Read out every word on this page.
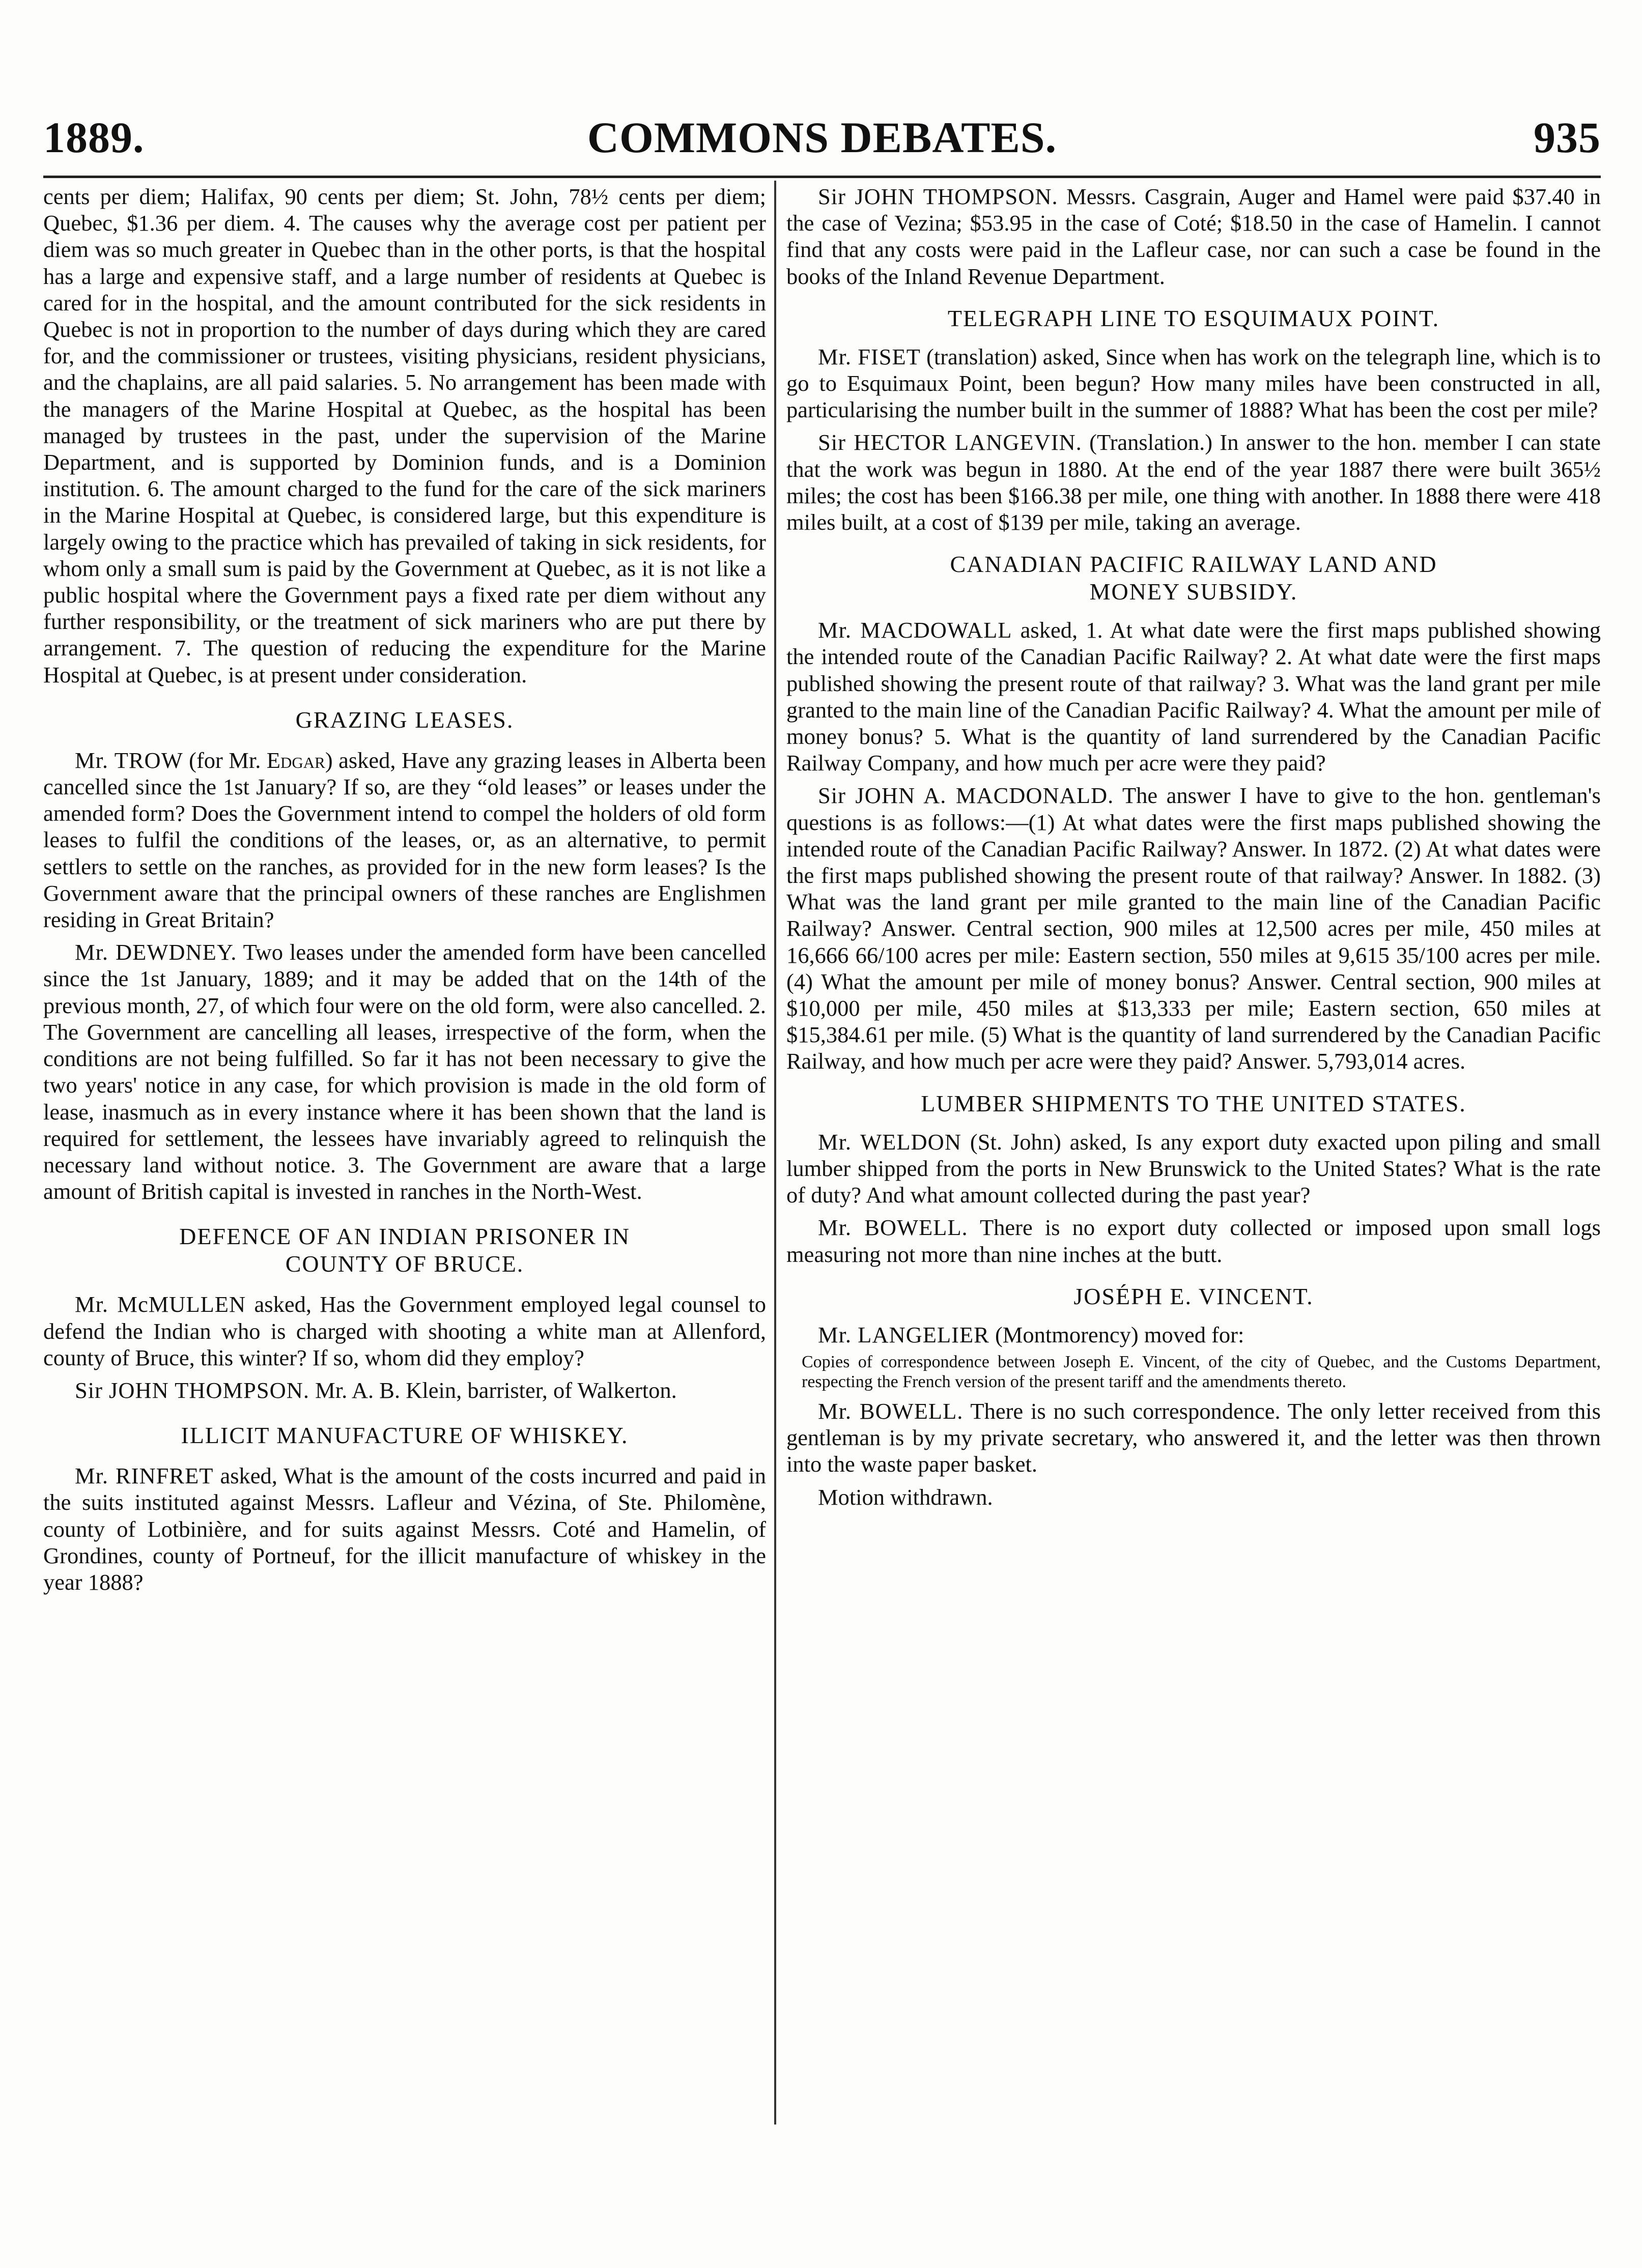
COMMONS DEBATES.
1889.	935

cents per diem; Halifax, 90 cents per diem; St. John, 78½ cents per diem; Quebec, $1.36 per diem. 4. The causes why the average cost per patient per diem was so much greater in Quebec than in the other ports, is that the hospital has a large and expensive staff, and a large number of residents at Quebec is cared for in the hospital, and the amount contributed for the sick residents in Quebec is not in proportion to the number of days during which they are cared for, and the commissioner or trustees, visiting physicians, resident physicians, and the chaplains, are all paid salaries. 5. No arrangement has been made with the managers of the Marine Hospital at Quebec, as the hospital has been managed by trustees in the past, under the supervision of the Marine Department, and is supported by Dominion funds, and is a Dominion institution. 6. The amount charged to the fund for the care of the sick mariners in the Marine Hospital at Quebec, is considered large, but this expenditure is largely owing to the practice which has prevailed of taking in sick residents, for whom only a small sum is paid by the Government at Quebec, as it is not like a public hospital where the Government pays a fixed rate per diem without any further responsibility, or the treatment of sick mariners who are put there by arrangement. 7. The question of reducing the expenditure for the Marine Hospital at Quebec, is at present under consideration.

GRAZING LEASES.

Mr. TROW (for Mr. Edgar) asked, Have any grazing leases in Alberta been cancelled since the 1st January? If so, are they “old leases” or leases under the amended form? Does the Government intend to compel the holders of old form leases to fulfil the conditions of the leases, or, as an alternative, to permit settlers to settle on the ranches, as provided for in the new form leases? Is the Government aware that the principal owners of these ranches are Englishmen residing in Great Britain?

Mr. DEWDNEY. Two leases under the amended form have been cancelled since the 1st January, 1889; and it may be added that on the 14th of the previous month, 27, of which four were on the old form, were also cancelled. 2. The Government are cancelling all leases, irrespective of the form, when the conditions are not being fulfilled. So far it has not been necessary to give the two years' notice in any case, for which provision is made in the old form of lease, inasmuch as in every instance where it has been shown that the land is required for settlement, the lessees have invariably agreed to relinquish the necessary land without notice. 3. The Government are aware that a large amount of British capital is invested in ranches in the North-West.

DEFENCE OF AN INDIAN PRISONER IN
COUNTY OF BRUCE.

Mr. McMULLEN asked, Has the Government employed legal counsel to defend the Indian who is charged with shooting a white man at Allenford, county of Bruce, this winter? If so, whom did they employ?

Sir JOHN THOMPSON. Mr. A. B. Klein, barrister, of Walkerton.

ILLICIT MANUFACTURE OF WHISKEY.

Mr. RINFRET asked, What is the amount of the costs incurred and paid in the suits instituted against Messrs. Lafleur and Vézina, of Ste. Philomène, county of Lotbinière, and for suits against Messrs. Coté and Hamelin, of Grondines, county of Portneuf, for the illicit manufacture of whiskey in the year 1888?

Sir JOHN THOMPSON. Messrs. Casgrain, Auger and Hamel were paid $37.40 in the case of Vezina; $53.95 in the case of Coté; $18.50 in the case of Hamelin. I cannot find that any costs were paid in the Lafleur case, nor can such a case be found in the books of the Inland Revenue Department.

TELEGRAPH LINE TO ESQUIMAUX POINT.

Mr. FISET (translation) asked, Since when has work on the telegraph line, which is to go to Esquimaux Point, been begun? How many miles have been constructed in all, particularising the number built in the summer of 1888? What has been the cost per mile?

Sir HECTOR LANGEVIN. (Translation.) In answer to the hon. member I can state that the work was begun in 1880. At the end of the year 1887 there were built 365½ miles; the cost has been $166.38 per mile, one thing with another. In 1888 there were 418 miles built, at a cost of $139 per mile, taking an average.

CANADIAN PACIFIC RAILWAY LAND AND
MONEY SUBSIDY.

Mr. MACDOWALL asked, 1. At what date were the first maps published showing the intended route of the Canadian Pacific Railway? 2. At what date were the first maps published showing the present route of that railway? 3. What was the land grant per mile granted to the main line of the Canadian Pacific Railway? 4. What the amount per mile of money bonus? 5. What is the quantity of land surrendered by the Canadian Pacific Railway Company, and how much per acre were they paid?

Sir JOHN A. MACDONALD. The answer I have to give to the hon. gentleman's questions is as follows:—(1) At what dates were the first maps published showing the intended route of the Canadian Pacific Railway? Answer. In 1872. (2) At what dates were the first maps published showing the present route of that railway? Answer. In 1882. (3) What was the land grant per mile granted to the main line of the Canadian Pacific Railway? Answer. Central section, 900 miles at 12,500 acres per mile, 450 miles at 16,666 66/100 acres per mile: Eastern section, 550 miles at 9,615 35/100 acres per mile. (4) What the amount per mile of money bonus? Answer. Central section, 900 miles at $10,000 per mile, 450 miles at $13,333 per mile; Eastern section, 650 miles at $15,384.61 per mile. (5) What is the quantity of land surrendered by the Canadian Pacific Railway, and how much per acre were they paid? Answer. 5,793,014 acres.

LUMBER SHIPMENTS TO THE UNITED STATES.

Mr. WELDON (St. John) asked, Is any export duty exacted upon piling and small lumber shipped from the ports in New Brunswick to the United States? What is the rate of duty? And what amount collected during the past year?

Mr. BOWELL. There is no export duty collected or imposed upon small logs measuring not more than nine inches at the butt.

JOSÉPH E. VINCENT.

Mr. LANGELIER (Montmorency) moved for:

Copies of correspondence between Joseph E. Vincent, of the city of Quebec, and the Customs Department, respecting the French version of the present tariff and the amendments thereto.

Mr. BOWELL. There is no such correspondence. The only letter received from this gentleman is by my private secretary, who answered it, and the letter was then thrown into the waste paper basket.

Motion withdrawn.
